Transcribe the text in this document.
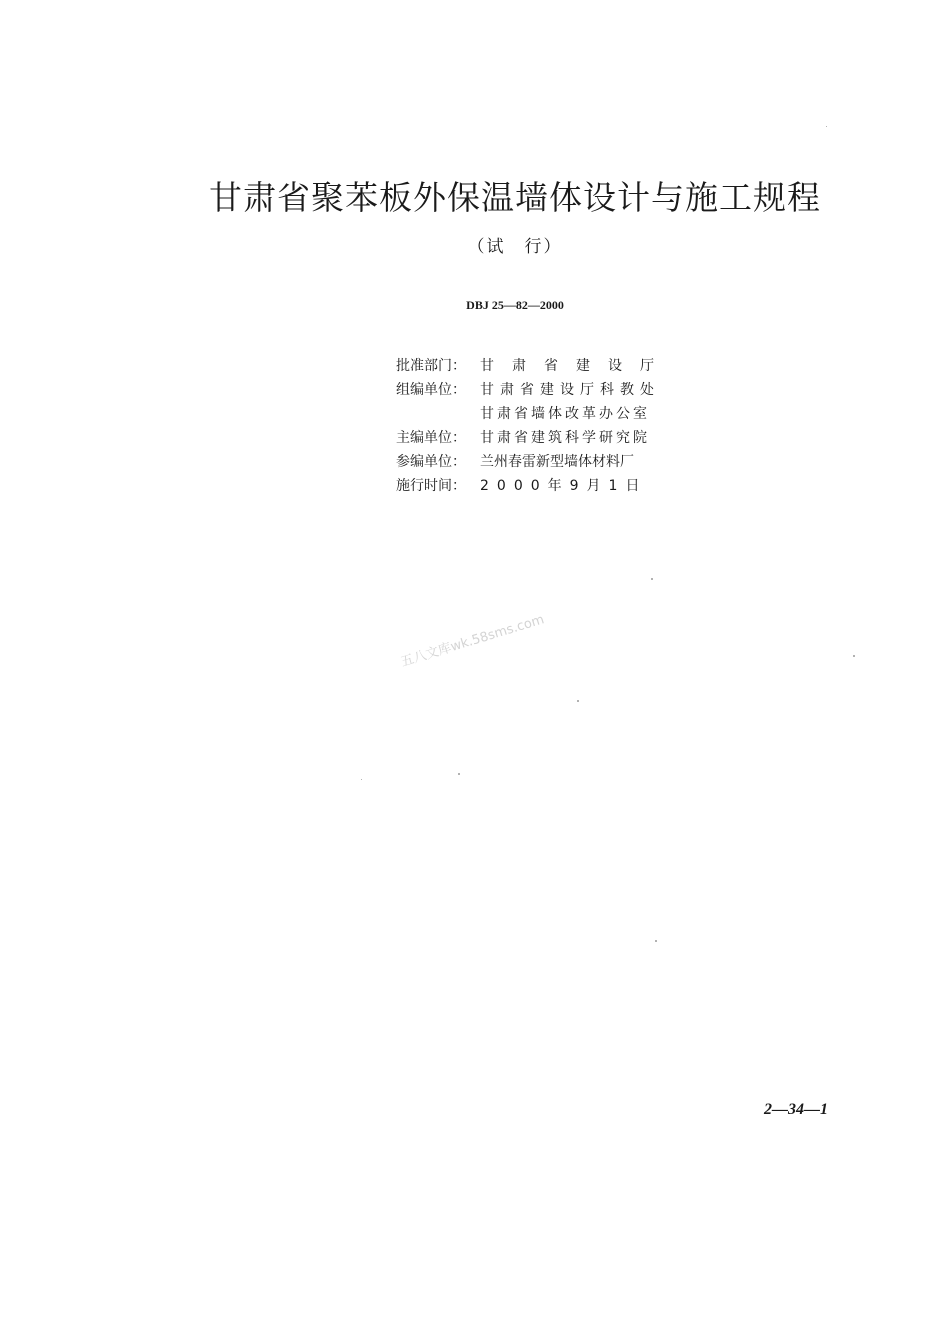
甘肃省聚苯板外保温墙体设计与施工规程
（试　行）
DBJ 25—82—2000
批准部门：	甘肃省建设厅
组编单位：	甘肃省建设厅科教处
甘肃省墙体改革办公室
主编单位：	甘肃省建筑科学研究院
参编单位：	兰州春雷新型墙体材料厂
施行时间：	2000年9月1日
五八文库wk.58sms.com
2—34—1
